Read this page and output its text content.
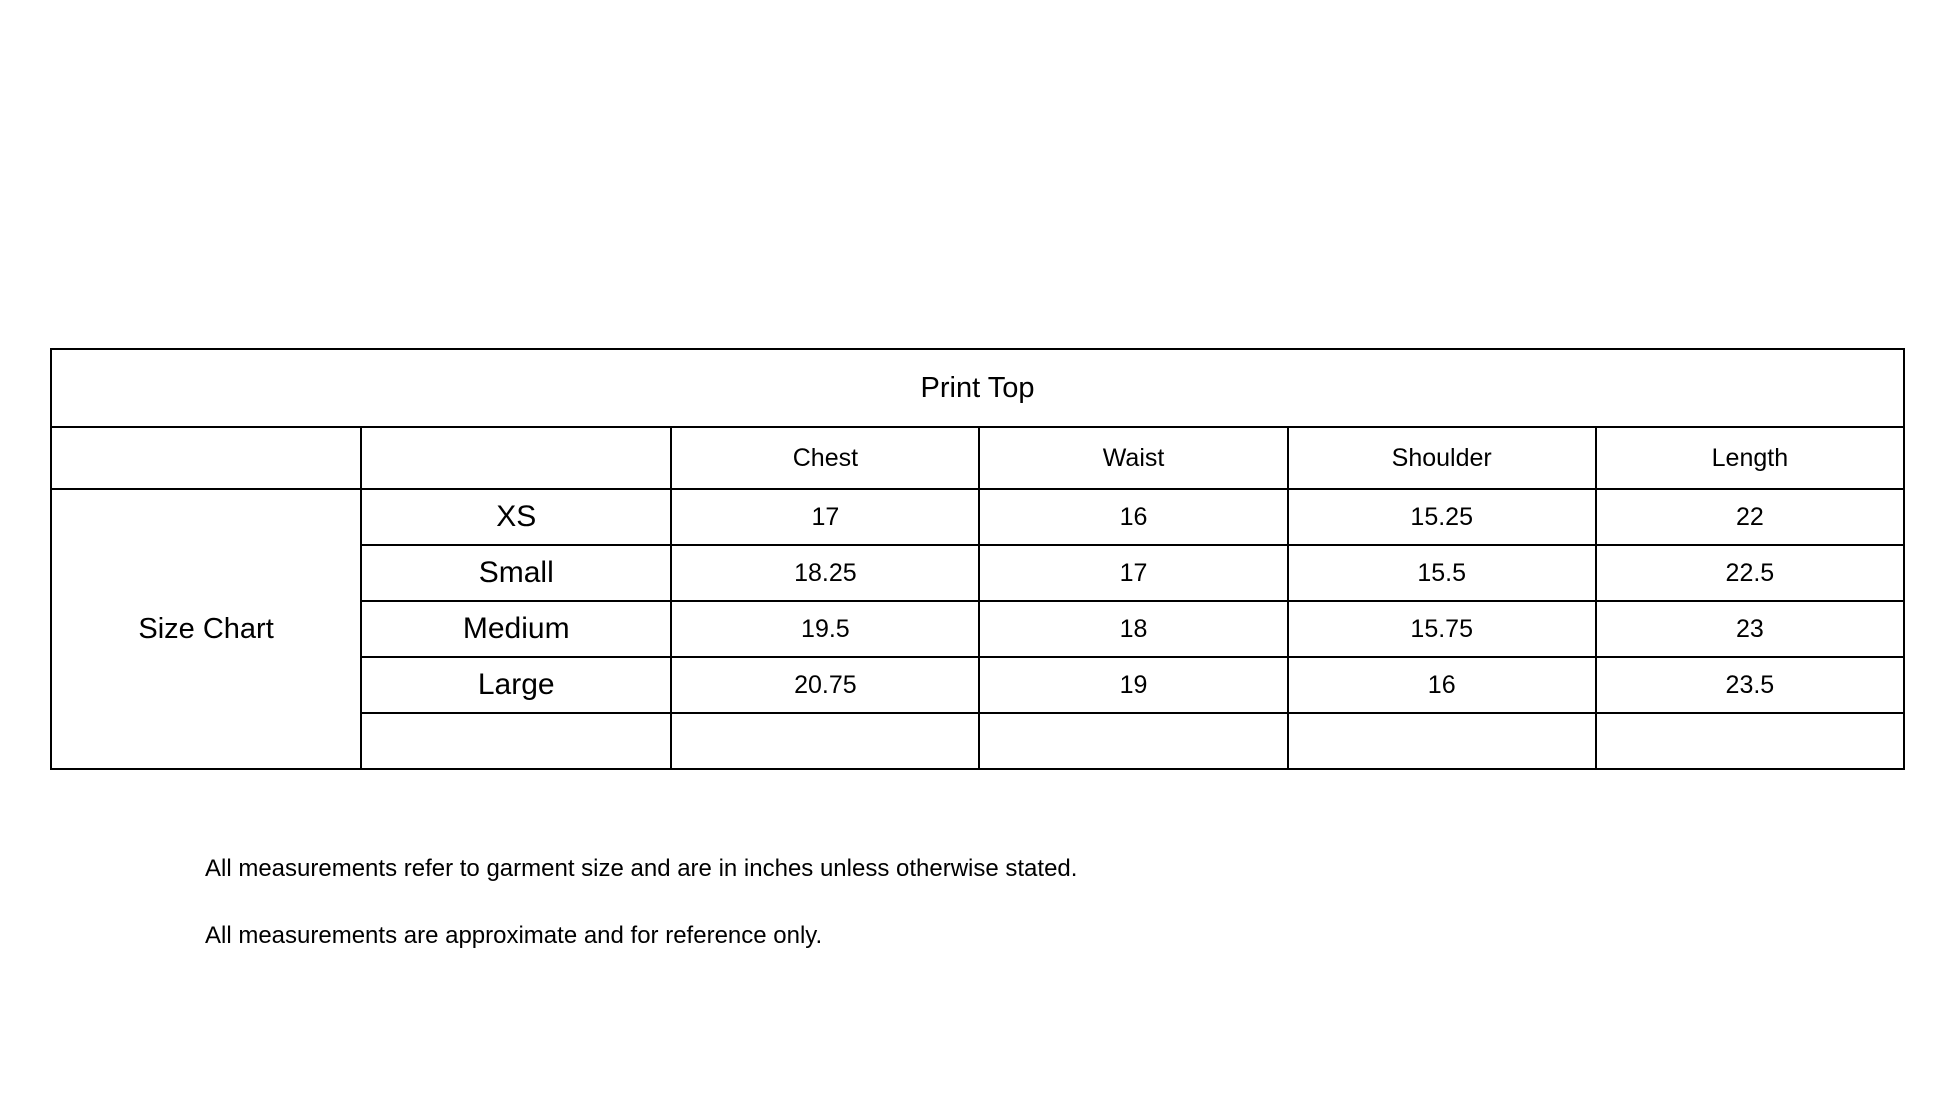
Print Top					
		Chest	Waist	Shoulder	Length
Size Chart	XS	17	16	15.25	22
	Small	18.25	17	15.5	22.5
	Medium	19.5	18	15.75	23
	Large	20.75	19	16	23.5

All measurements refer to garment size and are in inches unless otherwise stated.

All measurements are approximate and for reference only.
